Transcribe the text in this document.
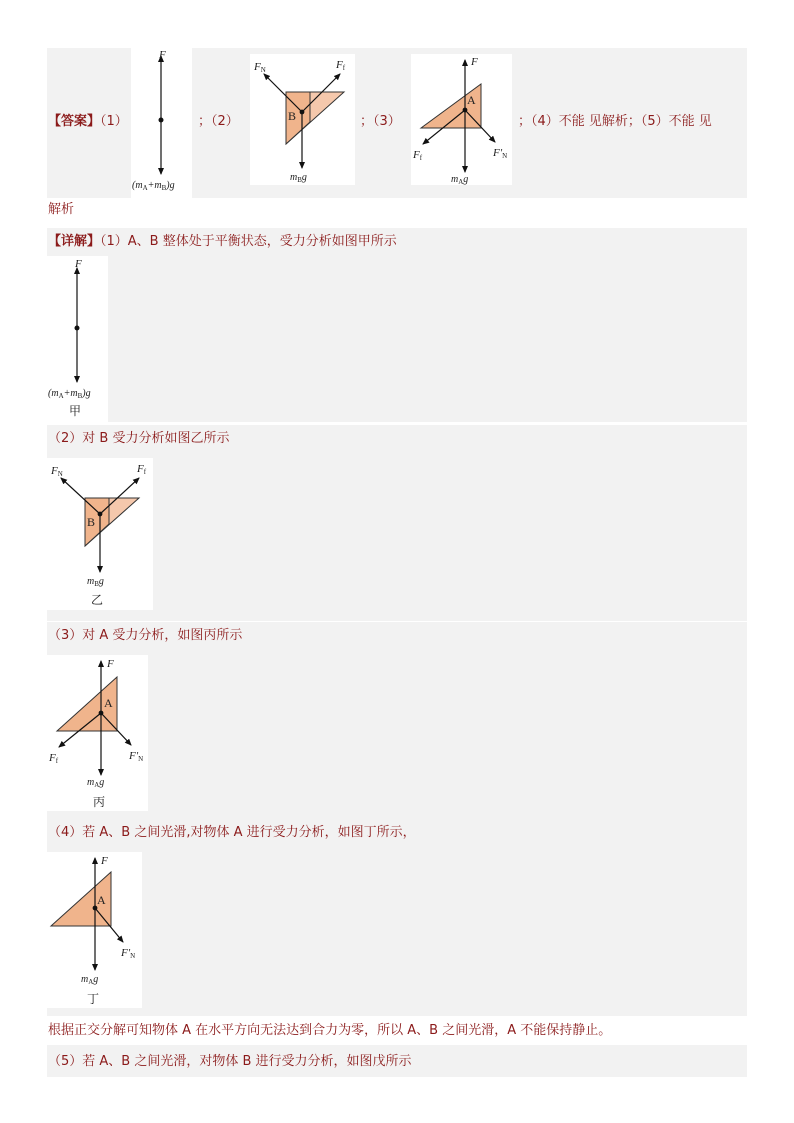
【答案】（1）
F
$(m_A+m_B)g$
；（2）
FN	Ff
B
$m_Bg$
；（3）
F
A
Ff	F′N
$m_Ag$
；（4）不能 见解析；（5）不能 见
解析
【详解】（1）A、B 整体处于平衡状态，受力分析如图甲所示
F
$(m_A+m_B)g$
甲
（2）对 B 受力分析如图乙所示
FN	Ff
B
$m_Bg$
乙
（3）对 A 受力分析，如图丙所示
F
A
Ff	F′N
$m_Ag$
丙
（4）若 A、B 之间光滑,对物体 A 进行受力分析，如图丁所示，
F
A
F′N
$m_Ag$
丁
根据正交分解可知物体 A 在水平方向无法达到合力为零，所以 A、B 之间光滑，A 不能保持静止。
（5）若 A、B 之间光滑，对物体 B 进行受力分析，如图戊所示
